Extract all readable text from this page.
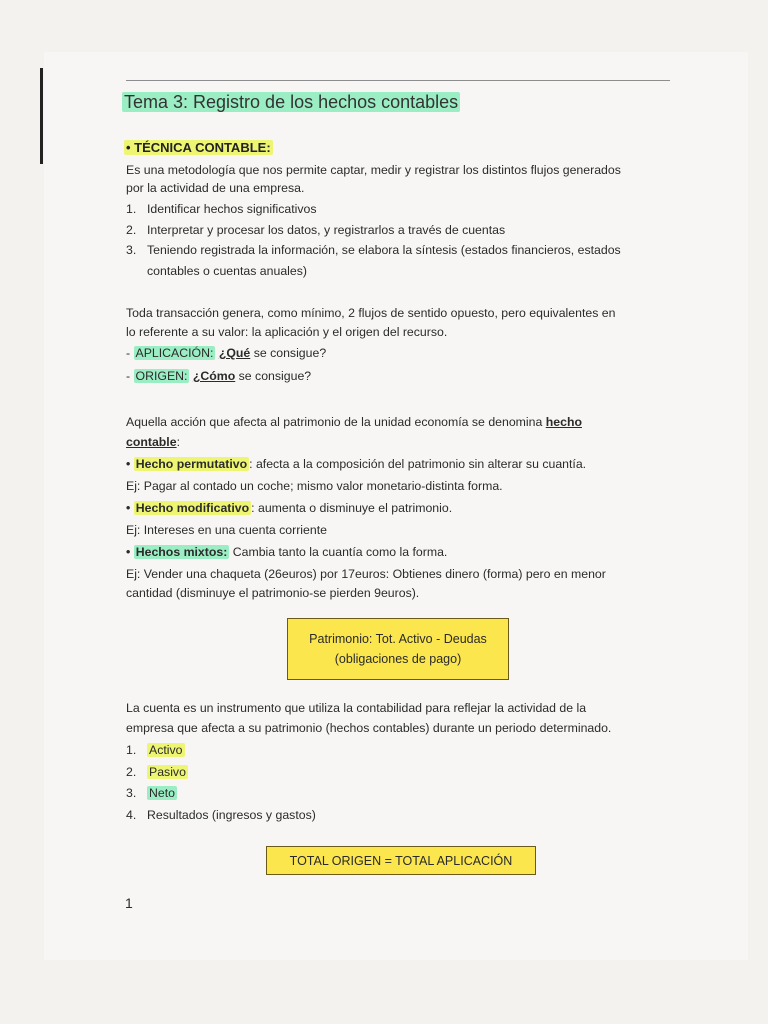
Tema 3: Registro de los hechos contables
• TÉCNICA CONTABLE:

Es una metodología que nos permite captar, medir y registrar los distintos flujos generados

por la actividad de una empresa.

1. Identificar hechos significativos
2. Interpretar y procesar los datos, y registrarlos a través de cuentas
3. Teniendo registrada la información, se elabora la síntesis (estados financieros, estados
contables o cuentas anuales)

Toda transacción genera, como mínimo, 2 flujos de sentido opuesto, pero equivalentes en

lo referente a su valor: la aplicación y el origen del recurso.

- APLICACIÓN: ¿Qué se consigue?
- ORIGEN: ¿Cómo se consigue?

Aquella acción que afecta al patrimonio de la unidad economía se denomina hecho

contable:

• Hecho permutativo : afecta a la composición del patrimonio sin alterar su cuantía.

Ej: Pagar al contado un coche; mismo valor monetario-distinta forma.

• Hecho modificativo : aumenta o disminuye el patrimonio.

Ej: Intereses en una cuenta corriente

• Hechos mixtos: Cambia tanto la cuantía como la forma.

Ej: Vender una chaqueta (26euros) por 17euros: Obtienes dinero (forma) pero en menor

cantidad (disminuye el patrimonio-se pierden 9euros).

Patrimonio: Tot. Activo - Deudas
(obligaciones de pago)

La cuenta es un instrumento que utiliza la contabilidad para reflejar la actividad de la

empresa que afecta a su patrimonio (hechos contables) durante un periodo determinado.

1. Activo
2. Pasivo
3. Neto
4. Resultados (ingresos y gastos)
TOTAL ORIGEN = TOTAL APLICACIÓN
1
